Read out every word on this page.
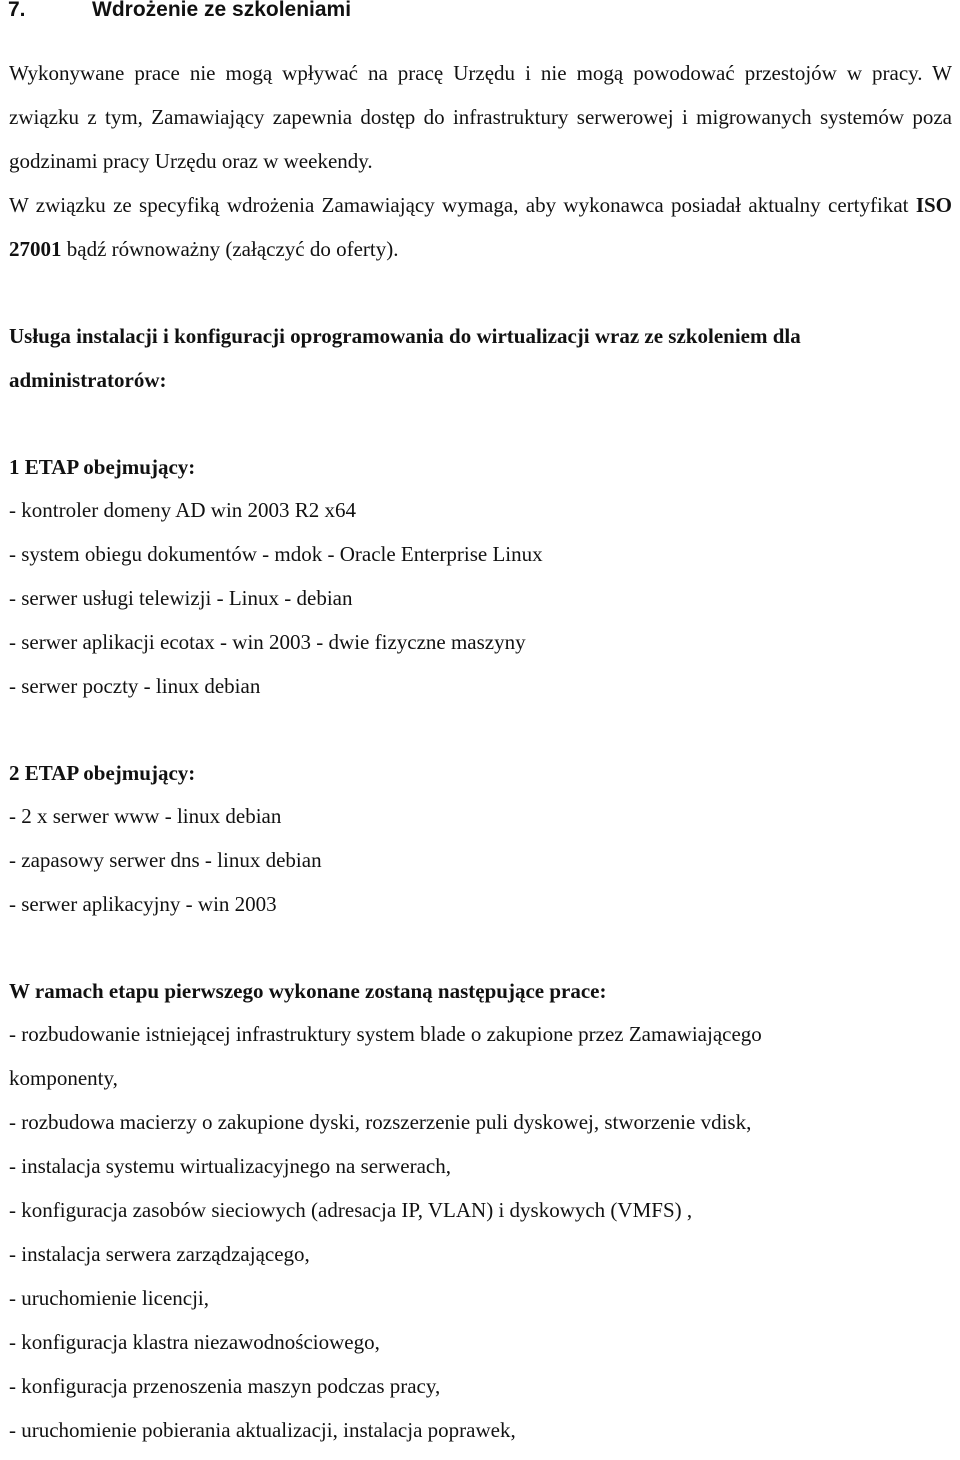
7.	Wdrożenie ze szkoleniami

Wykonywane prace nie mogą wpływać na pracę Urzędu i nie mogą powodować przestojów w pracy. W związku z tym, Zamawiający zapewnia dostęp do infrastruktury serwerowej i migrowanych systemów poza godzinami pracy Urzędu oraz w weekendy.

W związku ze specyfiką wdrożenia Zamawiający wymaga, aby wykonawca posiadał aktualny certyfikat ISO 27001 bądź równoważny (załączyć do oferty).

Usługa instalacji i konfiguracji oprogramowania do wirtualizacji wraz ze szkoleniem dla administratorów:

1 ETAP obejmujący:

- kontroler domeny AD win 2003 R2 x64
- system obiegu dokumentów - mdok - Oracle Enterprise Linux
- serwer usługi telewizji - Linux - debian
- serwer aplikacji ecotax - win 2003 - dwie fizyczne maszyny
- serwer poczty - linux debian

2 ETAP obejmujący:

- 2 x serwer www - linux debian
- zapasowy serwer dns - linux debian
- serwer aplikacyjny - win 2003

W ramach etapu pierwszego wykonane zostaną następujące prace:

- rozbudowanie istniejącej infrastruktury system blade o zakupione przez Zamawiającego
komponenty,
- rozbudowa macierzy o zakupione dyski, rozszerzenie puli dyskowej, stworzenie vdisk,
- instalacja systemu wirtualizacyjnego na serwerach,
- konfiguracja zasobów sieciowych (adresacja IP, VLAN) i dyskowych (VMFS) ,
- instalacja serwera zarządzającego,
- uruchomienie licencji,
- konfiguracja klastra niezawodnościowego,
- konfiguracja przenoszenia maszyn podczas pracy,
- uruchomienie pobierania aktualizacji, instalacja poprawek,
